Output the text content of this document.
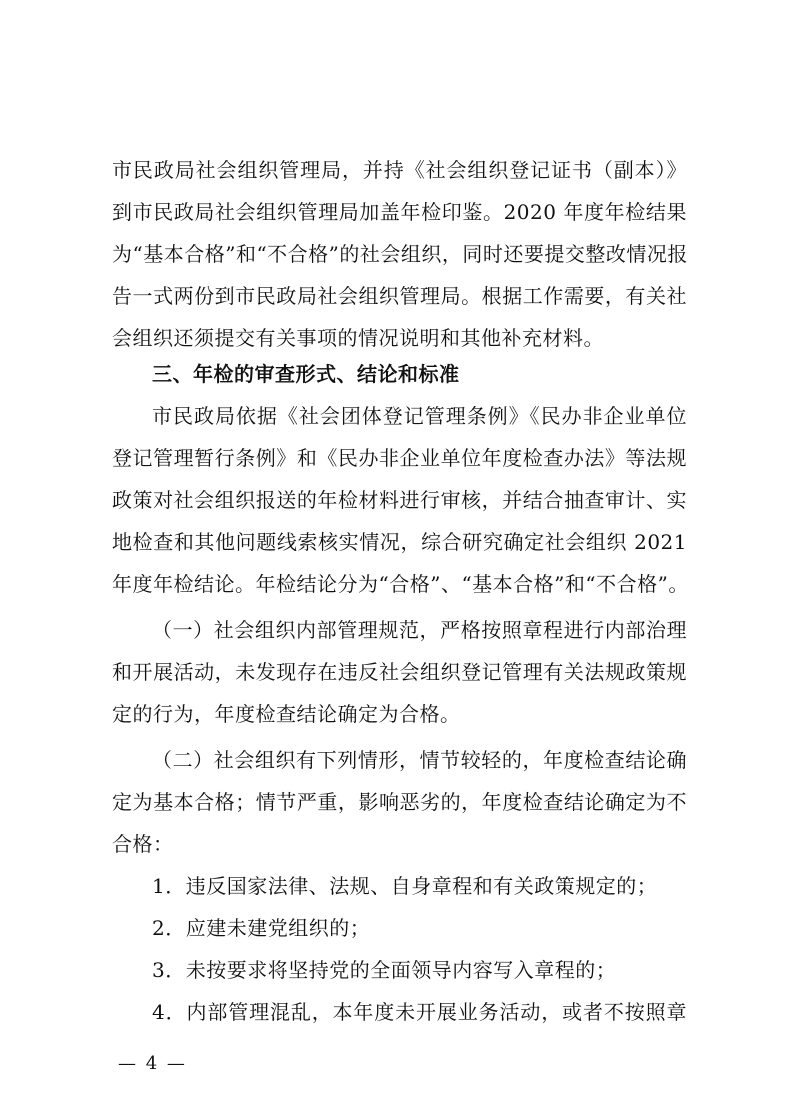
市民政局社会组织管理局，并持《社会组织登记证书（副本）》
到市民政局社会组织管理局加盖年检印鉴。2020 年度年检结果
为“基本合格”和“不合格”的社会组织，同时还要提交整改情况报
告一式两份到市民政局社会组织管理局。根据工作需要，有关社
会组织还须提交有关事项的情况说明和其他补充材料。
三、年检的审查形式、结论和标准
市民政局依据《社会团体登记管理条例》《民办非企业单位
登记管理暂行条例》和《民办非企业单位年度检查办法》等法规
政策对社会组织报送的年检材料进行审核，并结合抽查审计、实
地检查和其他问题线索核实情况，综合研究确定社会组织 2021
年度年检结论。年检结论分为“合格”、“基本合格”和“不合格”。
（一）社会组织内部管理规范，严格按照章程进行内部治理
和开展活动，未发现存在违反社会组织登记管理有关法规政策规
定的行为，年度检查结论确定为合格。
（二）社会组织有下列情形，情节较轻的，年度检查结论确
定为基本合格；情节严重，影响恶劣的，年度检查结论确定为不
合格：
1．违反国家法律、法规、自身章程和有关政策规定的；
2．应建未建党组织的；
3．未按要求将坚持党的全面领导内容写入章程的；
4．内部管理混乱，本年度未开展业务活动，或者不按照章
— 4 —
